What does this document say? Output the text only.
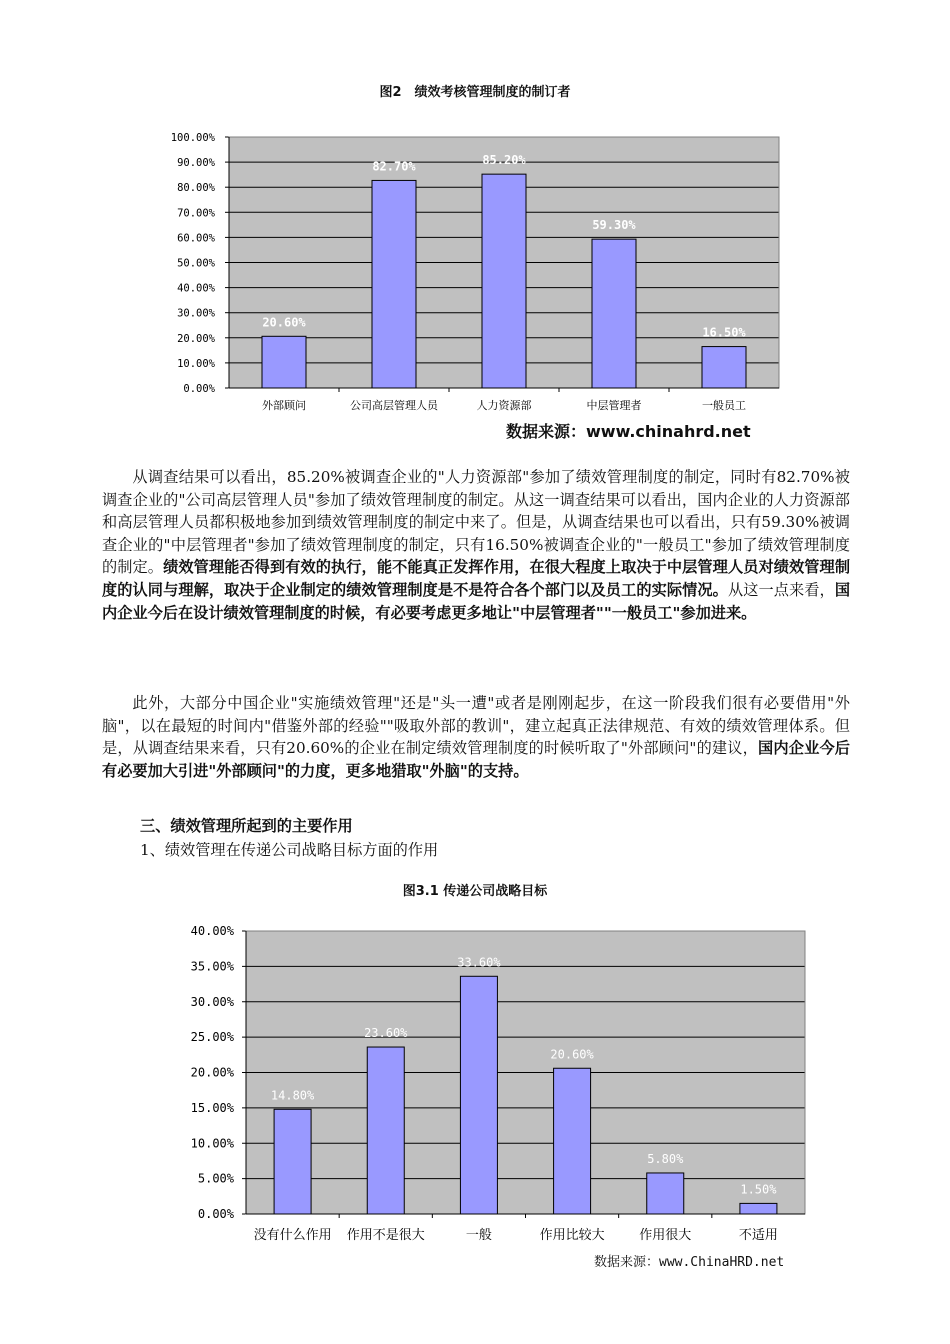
图2　绩效考核管理制度的制订者
0.00%
10.00%
20.00%
30.00%
40.00%
50.00%
60.00%
70.00%
80.00%
90.00%
100.00%
20.60%
外部顾问
82.70%
公司高层管理人员
85.20%
人力资源部
59.30%
中层管理者
16.50%
一般员工
0.00%
5.00%
10.00%
15.00%
20.00%
25.00%
30.00%
35.00%
40.00%
14.80%
没有什么作用
23.60%
作用不是很大
33.60%
一般
20.60%
作用比较大
5.80%
作用很大
1.50%
不适用
数据来源：www.chinahrd.net
从调查结果可以看出，85.20%被调查企业的"人力资源部"参加了绩效管理制度的制定，同时有82.70%被调查企业的"公司高层管理人员"参加了绩效管理制度的制定。从这一调查结果可以看出，国内企业的人力资源部和高层管理人员都积极地参加到绩效管理制度的制定中来了。但是，从调查结果也可以看出，只有59.30%被调查企业的"中层管理者"参加了绩效管理制度的制定，只有16.50%被调查企业的"一般员工"参加了绩效管理制度的制定。绩效管理能否得到有效的执行，能不能真正发挥作用，在很大程度上取决于中层管理人员对绩效管理制度的认同与理解，取决于企业制定的绩效管理制度是不是符合各个部门以及员工的实际情况。从这一点来看，国内企业今后在设计绩效管理制度的时候，有必要考虑更多地让"中层管理者""一般员工"参加进来。
此外，大部分中国企业"实施绩效管理"还是"头一遭"或者是刚刚起步，在这一阶段我们很有必要借用"外脑"，以在最短的时间内"借鉴外部的经验""吸取外部的教训"，建立起真正法律规范、有效的绩效管理体系。但是，从调查结果来看，只有20.60%的企业在制定绩效管理制度的时候听取了"外部顾问"的建议，国内企业今后有必要加大引进"外部顾问"的力度，更多地猎取"外脑"的支持。
三、绩效管理所起到的主要作用
1、绩效管理在传递公司战略目标方面的作用
图3.1 传递公司战略目标
数据来源：www.ChinaHRD.net
